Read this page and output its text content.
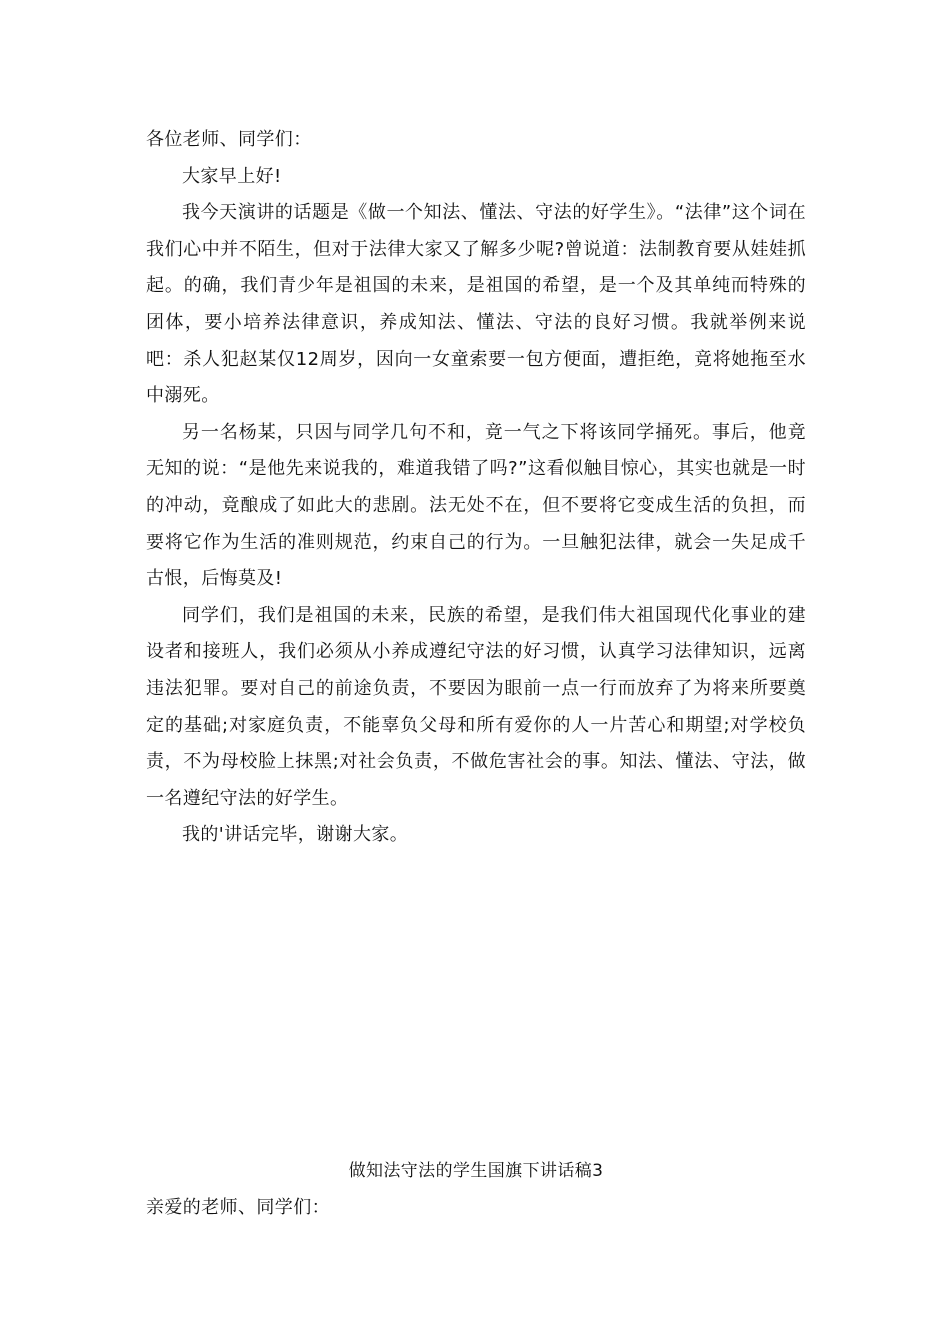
各位老师、同学们：

大家早上好!

我今天演讲的话题是《做一个知法、懂法、守法的好学生》。“法律”这个词在我们心中并不陌生，但对于法律大家又了解多少呢?曾说道：法制教育要从娃娃抓起。的确，我们青少年是祖国的未来，是祖国的希望，是一个及其单纯而特殊的团体，要小培养法律意识，养成知法、懂法、守法的良好习惯。我就举例来说吧：杀人犯赵某仅12周岁，因向一女童索要一包方便面，遭拒绝，竟将她拖至水中溺死。

另一名杨某，只因与同学几句不和，竟一气之下将该同学捅死。事后，他竟无知的说：“是他先来说我的，难道我错了吗?”这看似触目惊心，其实也就是一时的冲动，竟酿成了如此大的悲剧。法无处不在，但不要将它变成生活的负担，而要将它作为生活的准则规范，约束自己的行为。一旦触犯法律，就会一失足成千古恨，后悔莫及!

同学们，我们是祖国的未来，民族的希望，是我们伟大祖国现代化事业的建设者和接班人，我们必须从小养成遵纪守法的好习惯，认真学习法律知识，远离违法犯罪。要对自己的前途负责，不要因为眼前一点一行而放弃了为将来所要奠定的基础;对家庭负责，不能辜负父母和所有爱你的人一片苦心和期望;对学校负责，不为母校脸上抹黑;对社会负责，不做危害社会的事。知法、懂法、守法，做一名遵纪守法的好学生。

我的'讲话完毕，谢谢大家。

做知法守法的学生国旗下讲话稿3

亲爱的老师、同学们：
